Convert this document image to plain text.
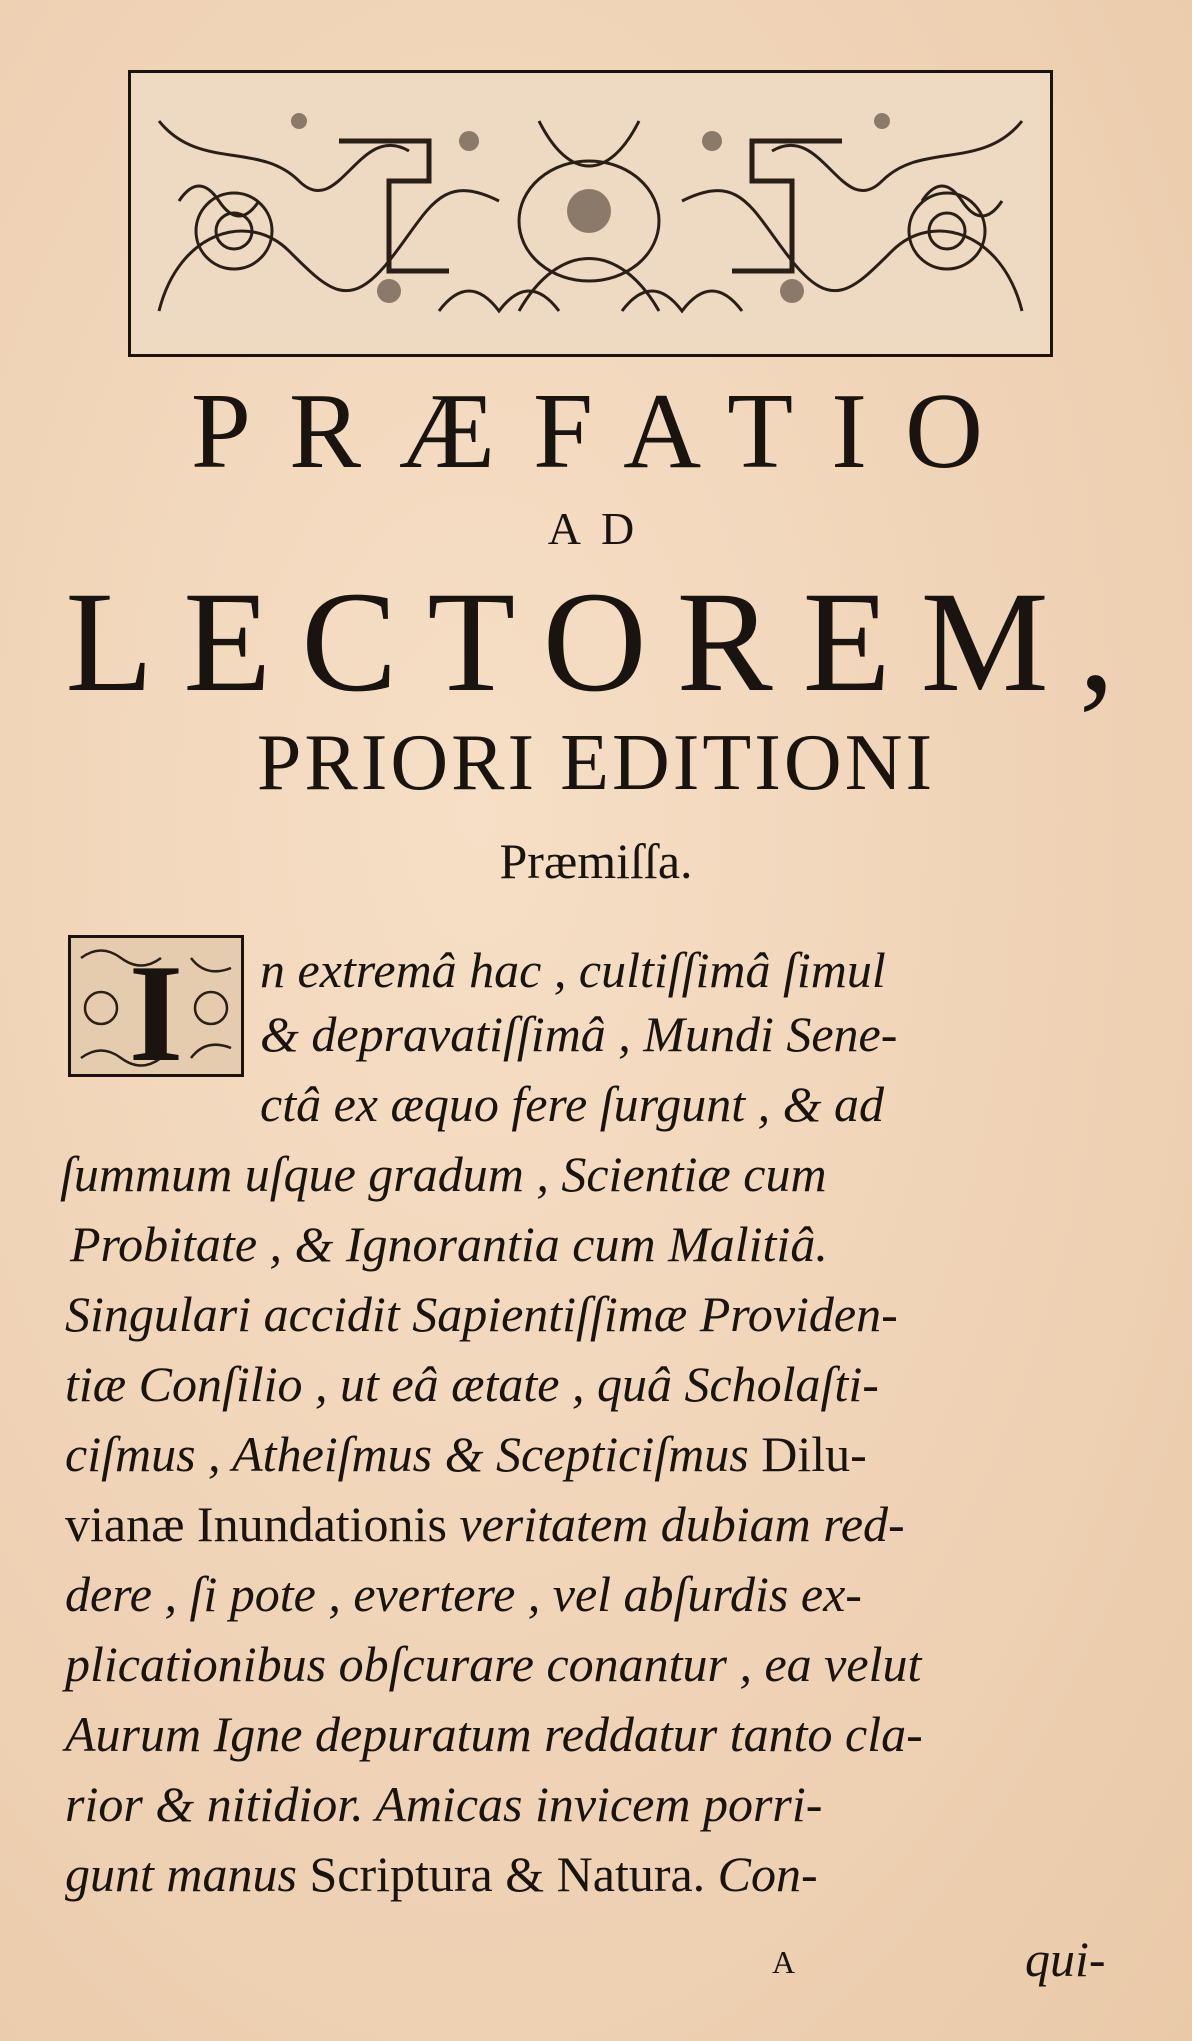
PRÆFATIO
AD
LECTOREM,
PRIORI EDITIONI
Præmiſſa.
I n extremâ hac , cultiſſimâ ſimul
& depravatiſſimâ , Mundi Sene-
ctâ ex æquo fere ſurgunt , & ad
ſummum uſque gradum , Scientiæ cum
Probitate , & Ignorantia cum Malitiâ.
Singulari accidit Sapientiſſimæ Providen-
tiæ Conſilio , ut eâ ætate , quâ Scholaſti-
ciſmus , Atheiſmus & Scepticiſmus Dilu-
vianæ Inundationis veritatem dubiam red-
dere , ſi pote , evertere , vel abſurdis ex-
plicationibus obſcurare conantur , ea velut
Aurum Igne depuratum reddatur tanto cla-
rior & nitidior. Amicas invicem porri-
gunt manus Scriptura & Natura. Con-
A	qui-
